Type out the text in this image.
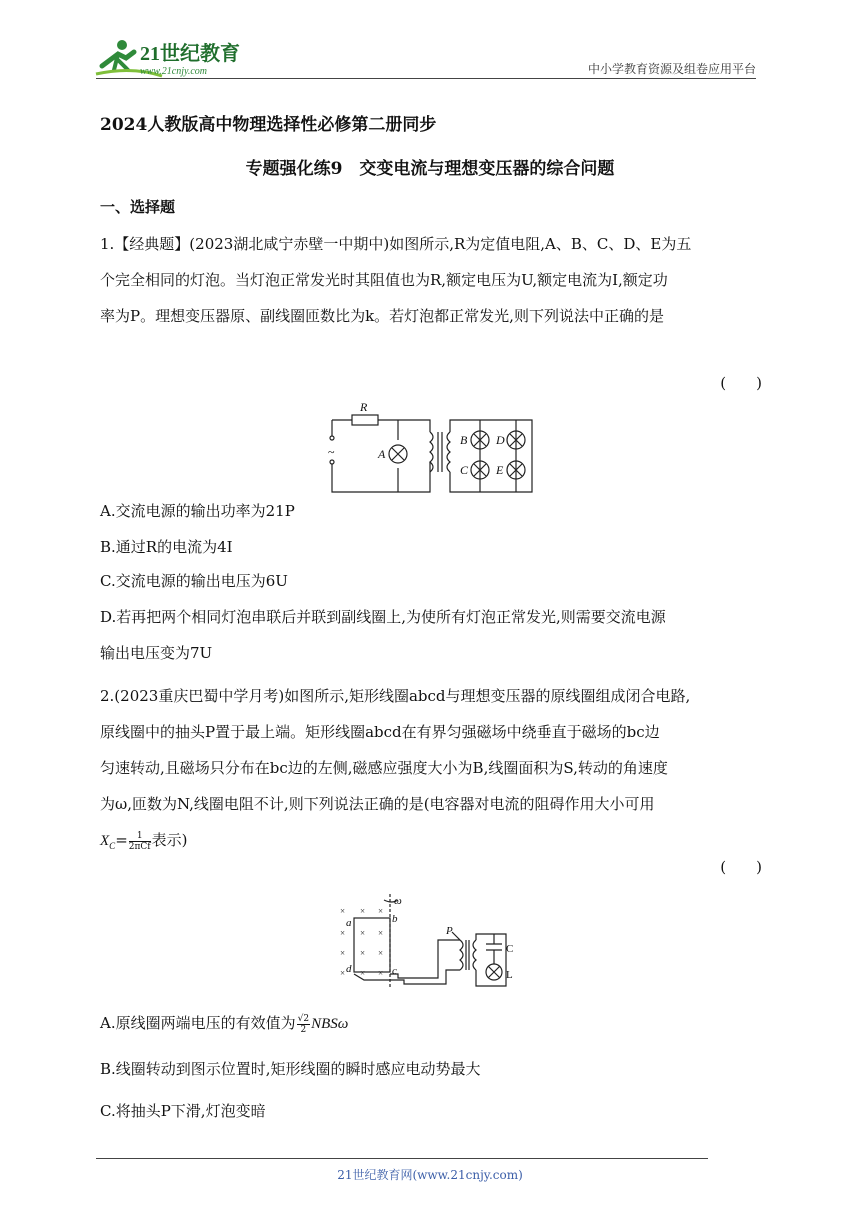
21世纪教育
www.21cnjy.com	中小学教育资源及组卷应用平台
2024人教版高中物理选择性必修第二册同步
专题强化练9　交变电流与理想变压器的综合问题
一、选择题
1.【经典题】(2023湖北咸宁赤壁一中期中)如图所示,R为定值电阻,A、B、C、D、E为五
个完全相同的灯泡。当灯泡正常发光时其阻值也为R,额定电压为U,额定电流为I,额定功
率为P。理想变压器原、副线圈匝数比为k。若灯泡都正常发光,则下列说法中正确的是
(　　)
R
~	A
B
C
D
E
A.交流电源的输出功率为21P
B.通过R的电流为4I
C.交流电源的输出电压为6U
D.若再把两个相同灯泡串联后并联到副线圈上,为使所有灯泡正常发光,则需要交流电源
输出电压变为7U
2.(2023重庆巴蜀中学月考)如图所示,矩形线圈abcd与理想变压器的原线圈组成闭合电路,
原线圈中的抽头P置于最上端。矩形线圈abcd在有界匀强磁场中绕垂直于磁场的bc边
匀速转动,且磁场只分布在bc边的左侧,磁感应强度大小为B,线圈面积为S,转动的角速度
为ω,匝数为N,线圈电阻不计,则下列说法正确的是(电容器对电流的阻碍作用大小可用
$X_C= \frac{1}{\text{2πCf}}$ 表示)
(　　)
× × ×
× × ×
× × ×
× × ×
ω
a	b
c
d
P
C
L
A.原线圈两端电压的有效值为 $\frac{√2}{2}$ NBSω
B.线圈转动到图示位置时,矩形线圈的瞬时感应电动势最大
C.将抽头P下滑,灯泡变暗
21世纪教育网(www.21cnjy.com)
